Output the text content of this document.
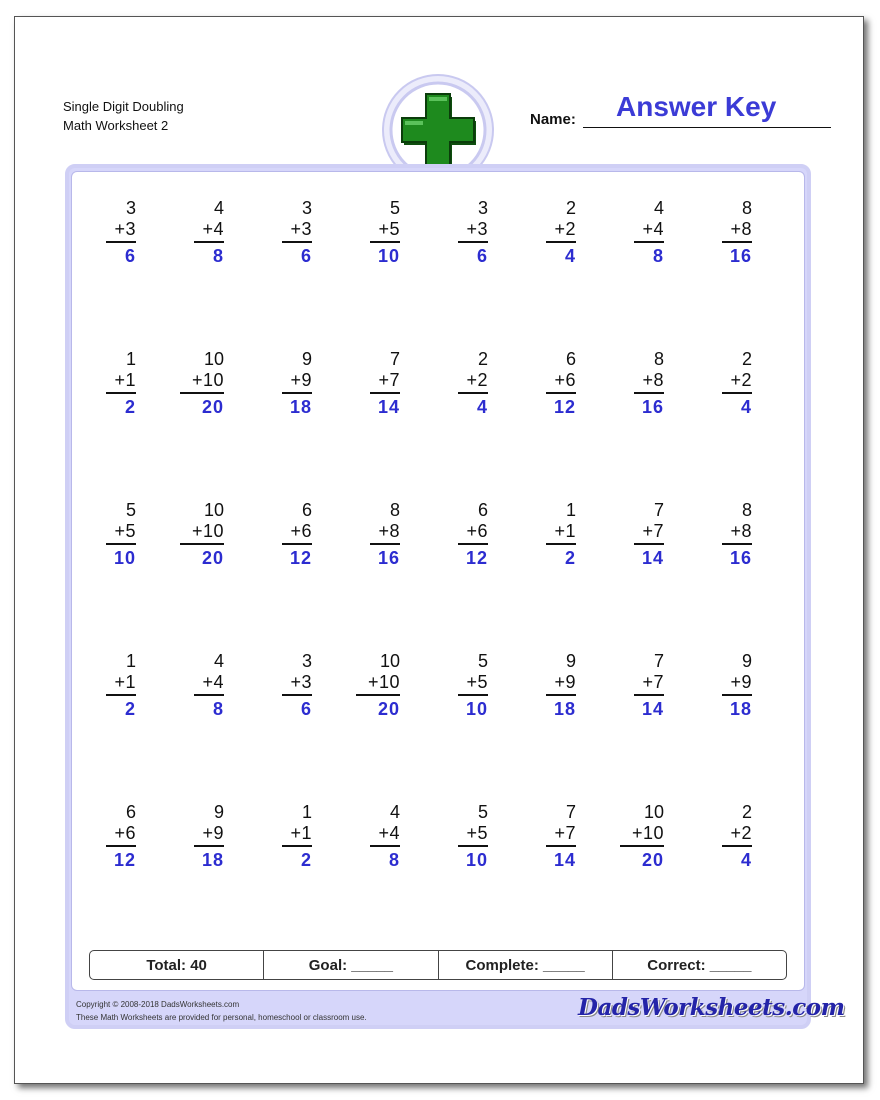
Single Digit Doubling
Math Worksheet 2	Name: Answer Key
3
+3
6
4
+4
8
3
+3
6
5
+5
10
3
+3
6
2
+2
4
4
+4
8
8
+8
16
1
+1
2
10
+10
20
9
+9
18
7
+7
14
2
+2
4
6
+6
12
8
+8
16
2
+2
4
5
+5
10
10
+10
20
6
+6
12
8
+8
16
6
+6
12
1
+1
2
7
+7
14
8
+8
16
1
+1
2
4
+4
8
3
+3
6
10
+10
20
5
+5
10
9
+9
18
7
+7
14
9
+9
18
6
+6
12
9
+9
18
1
+1
2
4
+4
8
5
+5
10
7
+7
14
10
+10
20
2
+2
4
Total: 40	Goal: _____	Complete: _____	Correct: _____
Copyright © 2008-2018 DadsWorksheets.com
These Math Worksheets are provided for personal, homeschool or classroom use.	DadsWorksheets.com
